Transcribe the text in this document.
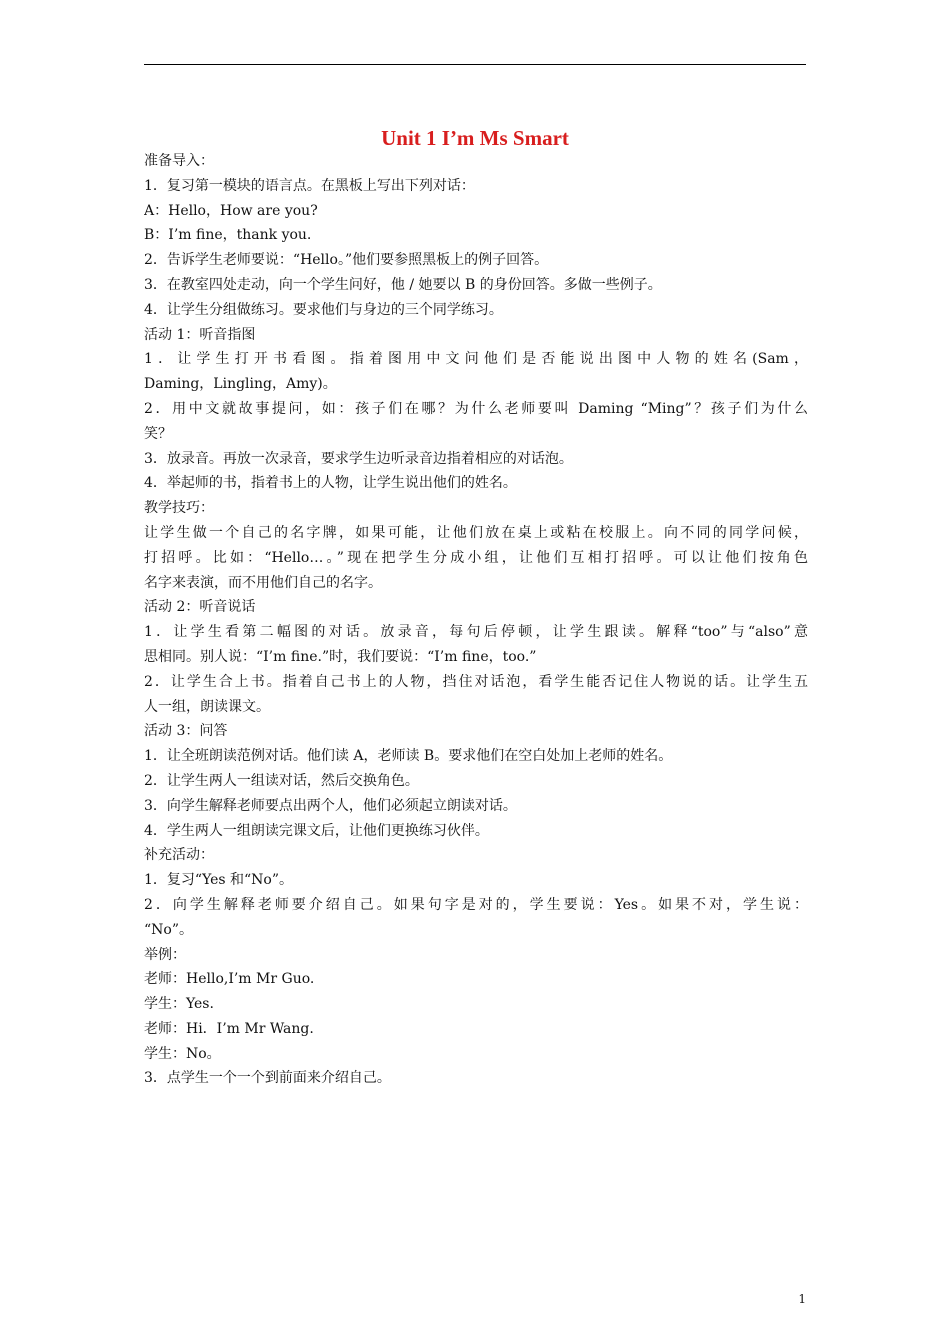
Unit 1 I’m Ms Smart
准备导入：
1．复习第一模块的语言点。在黑板上写出下列对话：
A：Hello，How are you?
B：I’m fine，thank you.
2．告诉学生老师要说：“Hello。”他们要参照黑板上的例子回答。
3．在教室四处走动，向一个学生问好，他 / 她要以 B 的身份回答。多做一些例子。
4．让学生分组做练习。要求他们与身边的三个同学练习。
活动 1：听音指图
1．让学生打开书看图。指着图用中文问他们是否能说出图中人物的姓名(Sam，
Daming，Lingling，Amy)。
2．用中文就故事提问，如：孩子们在哪？为什么老师要叫 Daming “Ming”？孩子们为什么
笑？
3．放录音。再放一次录音，要求学生边听录音边指着相应的对话泡。
4．举起师的书，指着书上的人物，让学生说出他们的姓名。
教学技巧：
让学生做一个自己的名字牌，如果可能，让他们放在桌上或粘在校服上。向不同的同学问候，
打招呼。比如：“Hello…。”现在把学生分成小组，让他们互相打招呼。可以让他们按角色
名字来表演，而不用他们自己的名字。
活动 2：听音说话
1．让学生看第二幅图的对话。放录音，每句后停顿，让学生跟读。解释“too”与“also”意
思相同。别人说：“I’m fine.”时，我们要说：“I’m fine，too.”
2．让学生合上书。指着自己书上的人物，挡住对话泡，看学生能否记住人物说的话。让学生五
人一组，朗读课文。
活动 3：问答
1．让全班朗读范例对话。他们读 A，老师读 B。要求他们在空白处加上老师的姓名。
2．让学生两人一组读对话，然后交换角色。
3．向学生解释老师要点出两个人，他们必须起立朗读对话。
4．学生两人一组朗读完课文后，让他们更换练习伙伴。
补充活动：
1．复习“Yes 和“No”。
2．向学生解释老师要介绍自己。如果句字是对的，学生要说：Yes。如果不对，学生说：
“No”。
举例：
老师：Hello,I’m Mr Guo.
学生：Yes.
老师：Hi．I’m Mr Wang.
学生：No。
3．点学生一个一个到前面来介绍自己。
1
